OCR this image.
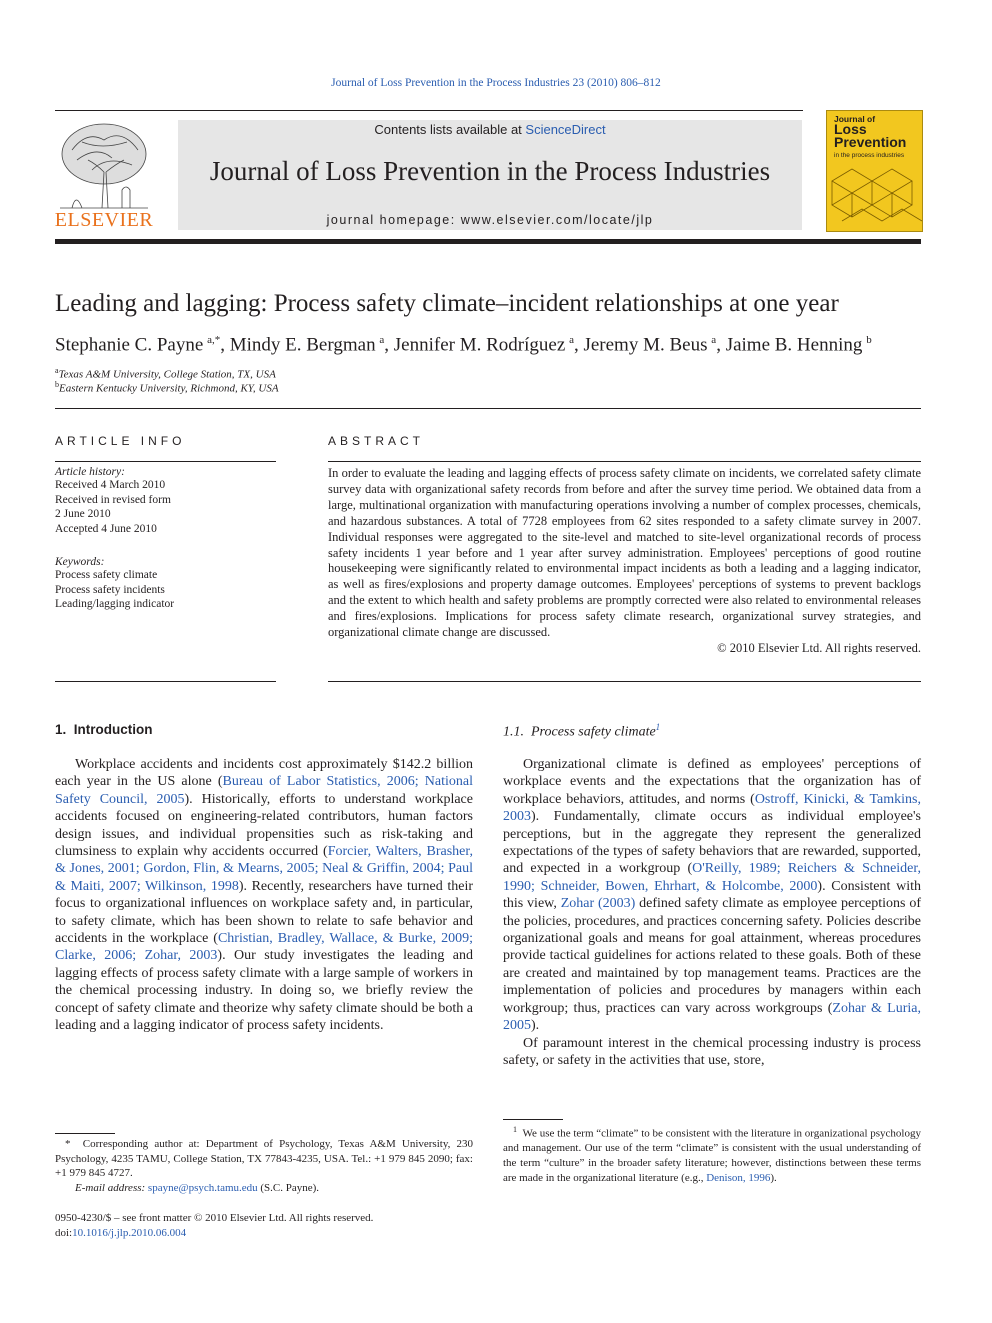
Journal of Loss Prevention in the Process Industries 23 (2010) 806–812
ELSEVIER
Contents lists available at ScienceDirect
Journal of Loss Prevention in the Process Industries
journal homepage: www.elsevier.com/locate/jlp
Journal of
Loss Prevention
in the process industries
Leading and lagging: Process safety climate–incident relationships at one year
Stephanie C. Payne  $^{a,*}$, Mindy E. Bergman  $^a$, Jennifer M. Rodríguez  $^a$, Jeremy M. Beus  $^a$, Jaime B. Henning  $^b$
$^a$Texas A&M University, College Station, TX, USA
$^b$Eastern Kentucky University, Richmond, KY, USA
ARTICLE INFO
Article history:
Received 4 March 2010
Received in revised form
2 June 2010
Accepted 4 June 2010
Keywords:
Process safety climate
Process safety incidents
Leading/lagging indicator
ABSTRACT
In order to evaluate the leading and lagging effects of process safety climate on incidents, we correlated safety climate survey data with organizational safety records from before and after the survey time period. We obtained data from a large, multinational organization with manufacturing operations involving a number of complex processes, chemicals, and hazardous substances. A total of 7728 employees from 62 sites responded to a safety climate survey in 2007. Individual responses were aggregated to the site-level and matched to site-level organizational records of process safety incidents 1 year before and 1 year after survey administration. Employees' perceptions of good routine housekeeping were significantly related to environmental impact incidents as both a leading and a lagging indicator, as well as fires/explosions and property damage outcomes. Employees' perceptions of systems to prevent backlogs and the extent to which health and safety problems are promptly corrected were also related to environmental releases and fires/explosions. Implications for process safety climate research, organizational survey strategies, and organizational climate change are discussed.
© 2010 Elsevier Ltd. All rights reserved.
1. Introduction

Workplace accidents and incidents cost approximately $142.2 billion each year in the US alone (Bureau of Labor Statistics, 2006; National Safety Council, 2005). Historically, efforts to understand workplace accidents focused on engineering-related contributors, human factors design issues, and individual propensities such as risk-taking and clumsiness to explain why accidents occurred (Forcier, Walters, Brasher, & Jones, 2001; Gordon, Flin, & Mearns, 2005; Neal & Griffin, 2004; Paul & Maiti, 2007; Wilkinson, 1998). Recently, researchers have turned their focus to organizational influences on workplace safety and, in particular, to safety climate, which has been shown to relate to safe behavior and accidents in the workplace (Christian, Bradley, Wallace, & Burke, 2009; Clarke, 2006; Zohar, 2003). Our study investigates the leading and lagging effects of process safety climate with a large sample of workers in the chemical processing industry. In doing so, we briefly review the concept of safety climate and theorize why safety climate should be both a leading and a lagging indicator of process safety incidents.

* Corresponding author at: Department of Psychology, Texas A&M University, 230 Psychology, 4235 TAMU, College Station, TX 77843-4235, USA. Tel.: +1 979 845 2090; fax: +1 979 845 4727.
E-mail address: spayne@psych.tamu.edu (S.C. Payne).
0950-4230/$ – see front matter © 2010 Elsevier Ltd. All rights reserved.
doi:10.1016/j.jlp.2010.06.004
1.1. Process safety climate$^1$

Organizational climate is defined as employees' perceptions of workplace events and the expectations that the organization has of workplace behaviors, attitudes, and norms (Ostroff, Kinicki, & Tamkins, 2003). Fundamentally, climate occurs as individual employee's perceptions, but in the aggregate they represent the generalized expectations of the types of safety behaviors that are rewarded, supported, and expected in a workgroup (O'Reilly, 1989; Reichers & Schneider, 1990; Schneider, Bowen, Ehrhart, & Holcombe, 2000). Consistent with this view, Zohar (2003) defined safety climate as employee perceptions of the policies, procedures, and practices concerning safety. Policies describe organizational goals and means for goal attainment, whereas procedures provide tactical guidelines for actions related to these goals. Both of these are created and maintained by top management teams. Practices are the implementation of policies and procedures by managers within each workgroup; thus, practices can vary across workgroups (Zohar & Luria, 2005).

Of paramount interest in the chemical processing industry is process safety, or safety in the activities that use, store,

$^1$ We use the term “climate” to be consistent with the literature in organizational psychology and management. Our use of the term “climate” is consistent with the usual understanding of the term “culture” in the broader safety literature; however, distinctions between these terms are made in the organizational literature (e.g., Denison, 1996).
